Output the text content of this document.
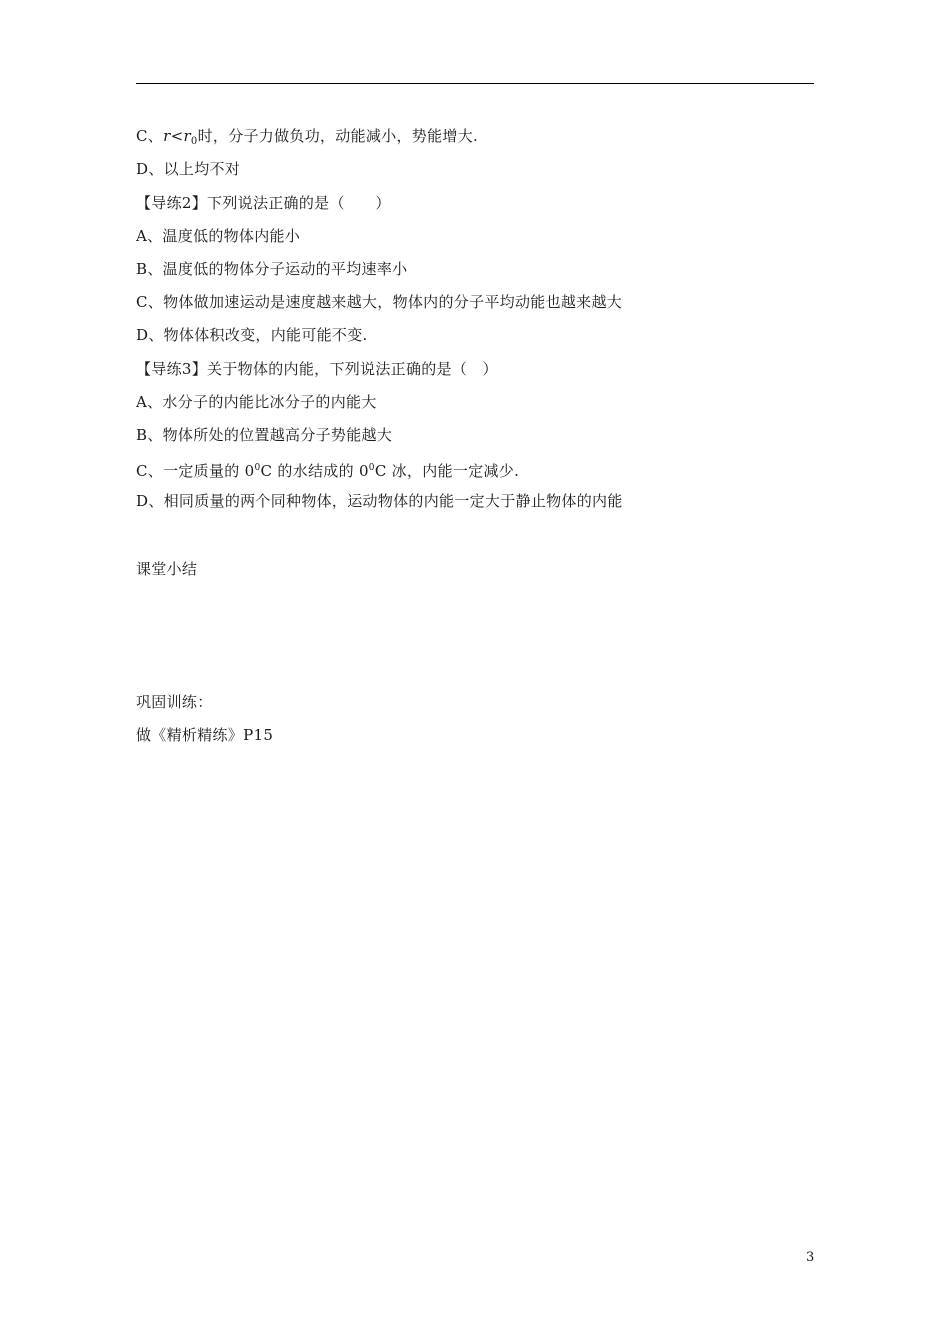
C、$r<r_0$时，分子力做负功，动能减小，势能增大.
D、以上均不对
【导练2】下列说法正确的是（　　）
A、温度低的物体内能小
B、温度低的物体分子运动的平均速率小
C、物体做加速运动是速度越来越大，物体内的分子平均动能也越来越大
D、物体体积改变，内能可能不变.
【导练3】关于物体的内能，下列说法正确的是（　）
A、水分子的内能比冰分子的内能大
B、物体所处的位置越高分子势能越大
C、一定质量的 $0^0C$ 的水结成的 $0^0C$ 冰，内能一定减少.
D、相同质量的两个同种物体，运动物体的内能一定大于静止物体的内能
课堂小结
巩固训练：
做《精析精练》P15
3
